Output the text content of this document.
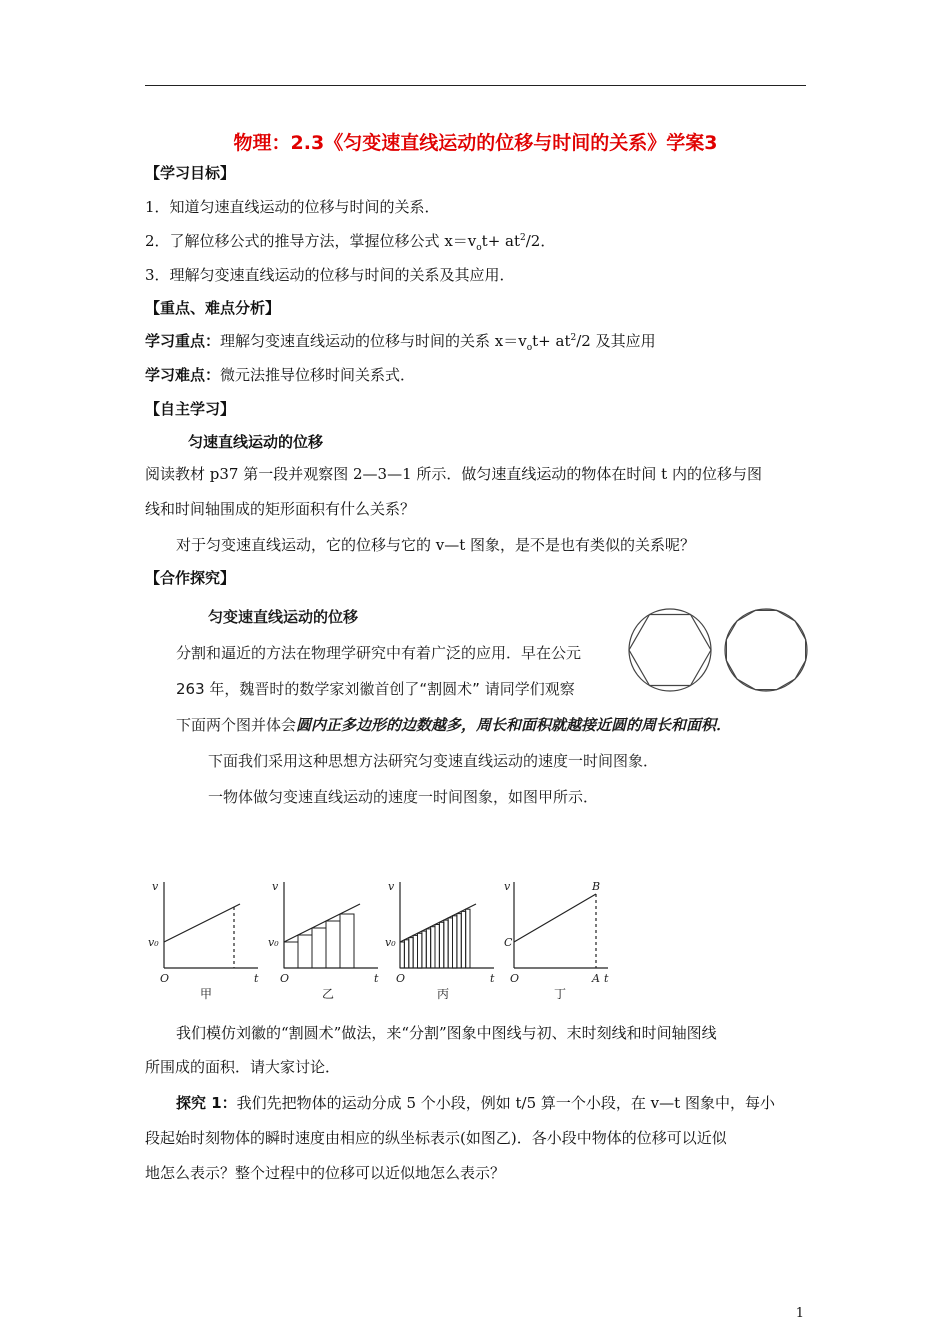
物理：2.3《匀变速直线运动的位移与时间的关系》学案3
【学习目标】
1．知道匀速直线运动的位移与时间的关系．
2．了解位移公式的推导方法，掌握位移公式 $x=v_ot+ at^2/2$．
3．理解匀变速直线运动的位移与时间的关系及其应用．
【重点、难点分析】
学习重点：理解匀变速直线运动的位移与时间的关系 $x=v_ot+ at^2/2$ 及其应用
学习难点：微元法推导位移时间关系式．
【自主学习】
匀速直线运动的位移
阅读教材 p37 第一段并观察图 2—3—1 所示．做匀速直线运动的物体在时间 t 内的位移与图
线和时间轴围成的矩形面积有什么关系？
对于匀变速直线运动，它的位移与它的 v—t 图象，是不是也有类似的关系呢？
【合作探究】
匀变速直线运动的位移
分割和逼近的方法在物理学研究中有着广泛的应用．早在公元
263 年，魏晋时的数学家刘徽首创了“割圆术” 请同学们观察
下面两个图并体会圆内正多边形的边数越多，周长和面积就越接近圆的周长和面积．
下面我们采用这种思想方法研究匀变速直线运动的速度一时间图象．
一物体做匀变速直线运动的速度一时间图象，如图甲所示．
v
v₀
O	t
v
v₀
O	t
v
v₀
O	t
v
C
B
O	A t
甲	乙	丙	丁
我们模仿刘徽的“割圆术”做法，来“分割”图象中图线与初、末时刻线和时间轴图线
所围成的面积．请大家讨论．
探究 1：我们先把物体的运动分成 5 个小段，例如 t/5 算一个小段，在 v—t 图象中，每小
段起始时刻物体的瞬时速度由相应的纵坐标表示(如图乙)．各小段中物体的位移可以近似
地怎么表示？整个过程中的位移可以近似地怎么表示？
1
